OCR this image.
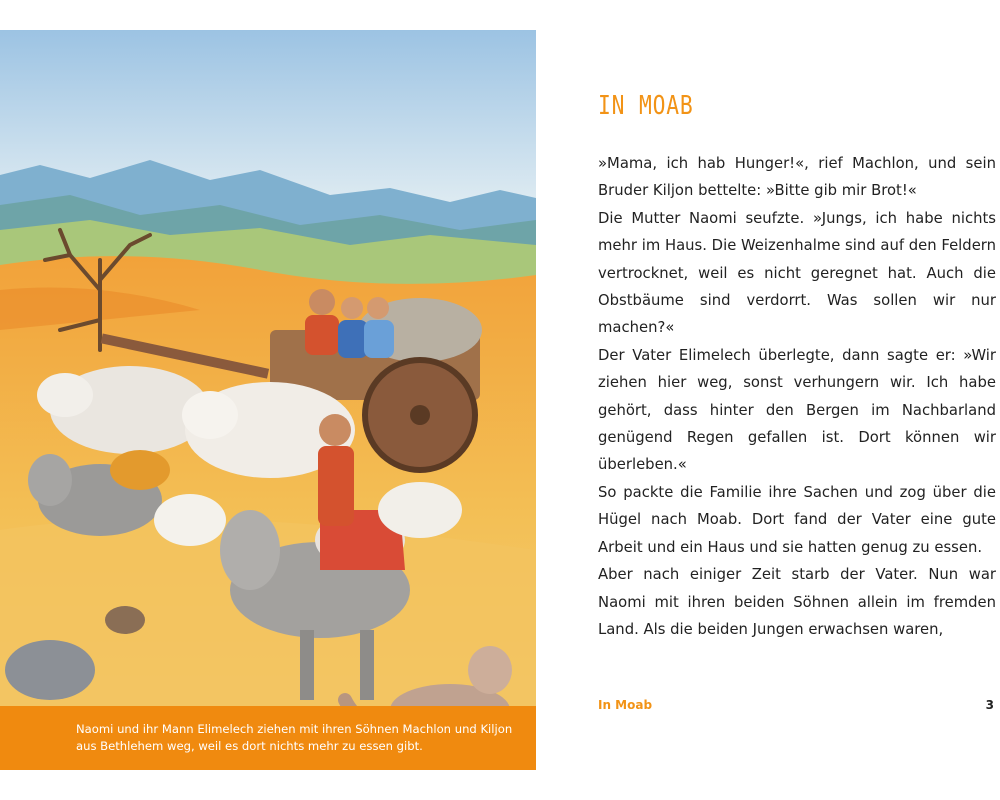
Naomi und ihr Mann Elimelech ziehen mit ihren Söhnen Machlon und Kiljon aus Bethlehem weg, weil es dort nichts mehr zu essen gibt.
IN MOAB

»Mama, ich hab Hunger!«, rief Machlon, und sein Bruder Kiljon bettelte: »Bitte gib mir Brot!«

Die Mutter Naomi seufzte. »Jungs, ich habe nichts mehr im Haus. Die Weizenhalme sind auf den Feldern vertrocknet, weil es nicht geregnet hat. Auch die Obstbäume sind verdorrt. Was sollen wir nur machen?«

Der Vater Elimelech überlegte, dann sagte er: »Wir ziehen hier weg, sonst verhungern wir. Ich habe gehört, dass hinter den Bergen im Nachbarland genügend Regen gefallen ist. Dort können wir überleben.«

So packte die Familie ihre Sachen und zog über die Hügel nach Moab. Dort fand der Vater eine gute Arbeit und ein Haus und sie hatten genug zu essen.

Aber nach einiger Zeit starb der Vater. Nun war Naomi mit ihren beiden Söhnen allein im fremden Land. Als die beiden Jungen erwachsen waren,

In Moab	3
